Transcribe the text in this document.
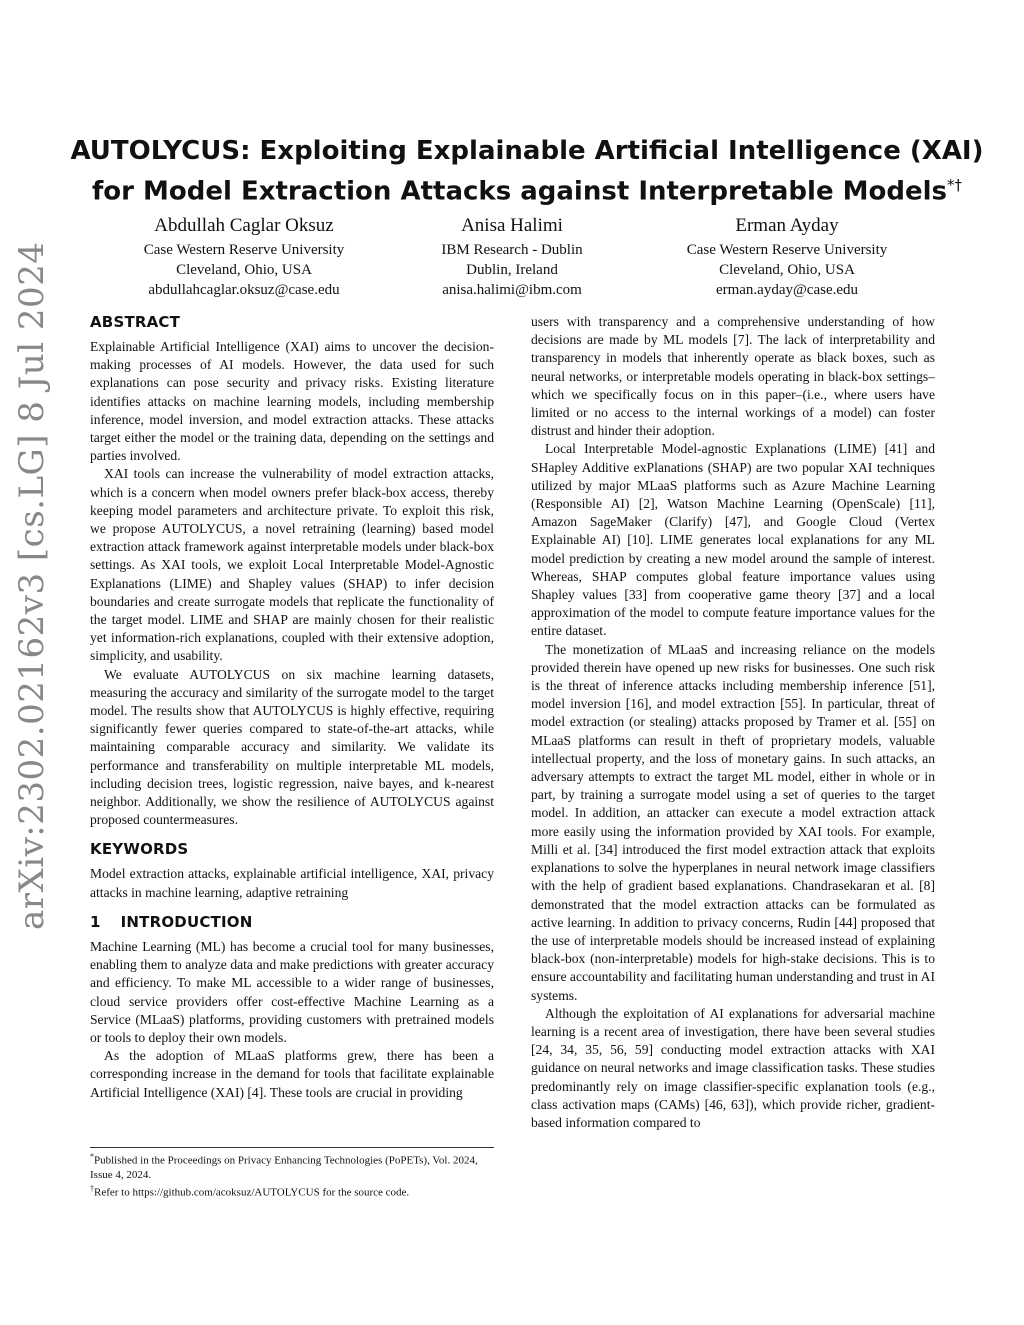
arXiv:2302.02162v3 [cs.LG] 8 Jul 2024
AUTOLYCUS: Exploiting Explainable Artificial Intelligence (XAI)
for Model Extraction Attacks against Interpretable Models*†
Abdullah Caglar Oksuz
Case Western Reserve University
Cleveland, Ohio, USA
abdullahcaglar.oksuz@case.edu
Anisa Halimi
IBM Research - Dublin
Dublin, Ireland
anisa.halimi@ibm.com
Erman Ayday
Case Western Reserve University
Cleveland, Ohio, USA
erman.ayday@case.edu
ABSTRACT

Explainable Artificial Intelligence (XAI) aims to uncover the decision-making processes of AI models. However, the data used for such explanations can pose security and privacy risks. Existing literature identifies attacks on machine learning models, including membership inference, model inversion, and model extraction attacks. These attacks target either the model or the training data, depending on the settings and parties involved.

XAI tools can increase the vulnerability of model extraction attacks, which is a concern when model owners prefer black-box access, thereby keeping model parameters and architecture private. To exploit this risk, we propose AUTOLYCUS, a novel retraining (learning) based model extraction attack framework against interpretable models under black-box settings. As XAI tools, we exploit Local Interpretable Model-Agnostic Explanations (LIME) and Shapley values (SHAP) to infer decision boundaries and create surrogate models that replicate the functionality of the target model. LIME and SHAP are mainly chosen for their realistic yet information-rich explanations, coupled with their extensive adoption, simplicity, and usability.

We evaluate AUTOLYCUS on six machine learning datasets, measuring the accuracy and similarity of the surrogate model to the target model. The results show that AUTOLYCUS is highly effective, requiring significantly fewer queries compared to state-of-the-art attacks, while maintaining comparable accuracy and similarity. We validate its performance and transferability on multiple interpretable ML models, including decision trees, logistic regression, naive bayes, and k-nearest neighbor. Additionally, we show the resilience of AUTOLYCUS against proposed countermeasures.

KEYWORDS

Model extraction attacks, explainable artificial intelligence, XAI, privacy attacks in machine learning, adaptive retraining

1 INTRODUCTION

Machine Learning (ML) has become a crucial tool for many businesses, enabling them to analyze data and make predictions with greater accuracy and efficiency. To make ML accessible to a wider range of businesses, cloud service providers offer cost-effective Machine Learning as a Service (MLaaS) platforms, providing customers with pretrained models or tools to deploy their own models.

As the adoption of MLaaS platforms grew, there has been a corresponding increase in the demand for tools that facilitate explainable Artificial Intelligence (XAI) [4]. These tools are crucial in providing

users with transparency and a comprehensive understanding of how decisions are made by ML models [7]. The lack of interpretability and transparency in models that inherently operate as black boxes, such as neural networks, or interpretable models operating in black-box settings–which we specifically focus on in this paper–(i.e., where users have limited or no access to the internal workings of a model) can foster distrust and hinder their adoption.

Local Interpretable Model-agnostic Explanations (LIME) [41] and SHapley Additive exPlanations (SHAP) are two popular XAI techniques utilized by major MLaaS platforms such as Azure Machine Learning (Responsible AI) [2], Watson Machine Learning (OpenScale) [11], Amazon SageMaker (Clarify) [47], and Google Cloud (Vertex Explainable AI) [10]. LIME generates local explanations for any ML model prediction by creating a new model around the sample of interest. Whereas, SHAP computes global feature importance values using Shapley values [33] from cooperative game theory [37] and a local approximation of the model to compute feature importance values for the entire dataset.

The monetization of MLaaS and increasing reliance on the models provided therein have opened up new risks for businesses. One such risk is the threat of inference attacks including membership inference [51], model inversion [16], and model extraction [55]. In particular, threat of model extraction (or stealing) attacks proposed by Tramer et al. [55] on MLaaS platforms can result in theft of proprietary models, valuable intellectual property, and the loss of monetary gains. In such attacks, an adversary attempts to extract the target ML model, either in whole or in part, by training a surrogate model using a set of queries to the target model. In addition, an attacker can execute a model extraction attack more easily using the information provided by XAI tools. For example, Milli et al. [34] introduced the first model extraction attack that exploits explanations to solve the hyperplanes in neural network image classifiers with the help of gradient based explanations. Chandrasekaran et al. [8] demonstrated that the model extraction attacks can be formulated as active learning. In addition to privacy concerns, Rudin [44] proposed that the use of interpretable models should be increased instead of explaining black-box (non-interpretable) models for high-stake decisions. This is to ensure accountability and facilitating human understanding and trust in AI systems.

Although the exploitation of AI explanations for adversarial machine learning is a recent area of investigation, there have been several studies [24, 34, 35, 56, 59] conducting model extraction attacks with XAI guidance on neural networks and image classification tasks. These studies predominantly rely on image classifier-specific explanation tools (e.g., class activation maps (CAMs) [46, 63]), which provide richer, gradient-based information compared to

*Published in the Proceedings on Privacy Enhancing Technologies (PoPETs), Vol. 2024, Issue 4, 2024.

†Refer to https://github.com/acoksuz/AUTOLYCUS for the source code.
